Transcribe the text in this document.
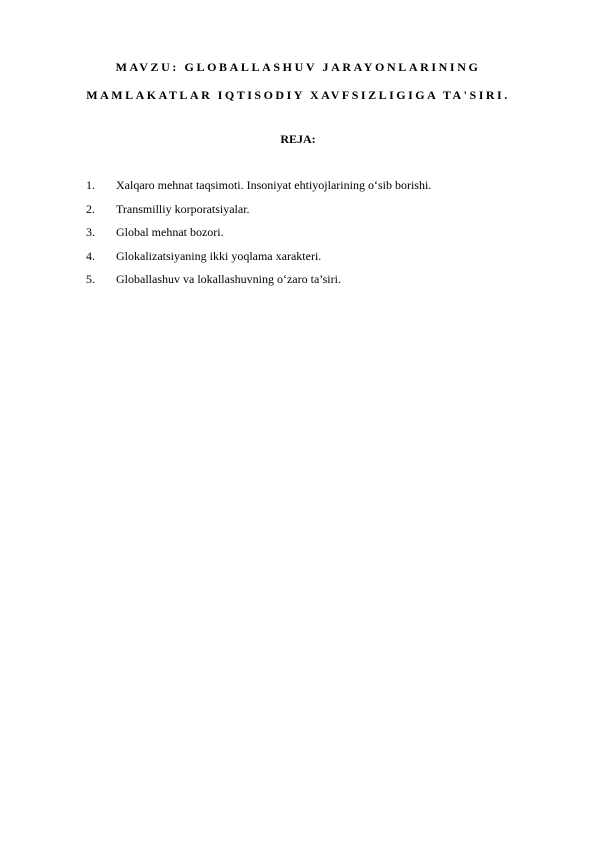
MAVZU: GLOBALLASHUV JARAYONLARINING
MAMLAKATLAR IQTISODIY XAVFSIZLIGIGA TA'SIRI.
REJA:
1.	Xalqaro mehnat taqsimoti. Insoniyat ehtiyojlarining o‘sib borishi.
2.	Transmilliy korporatsiyalar.
3.	Global mehnat bozori.
4.	Glokalizatsiyaning ikki yoqlama xarakteri.
5.	Globallashuv va lokallashuvning o‘zaro ta’siri.
